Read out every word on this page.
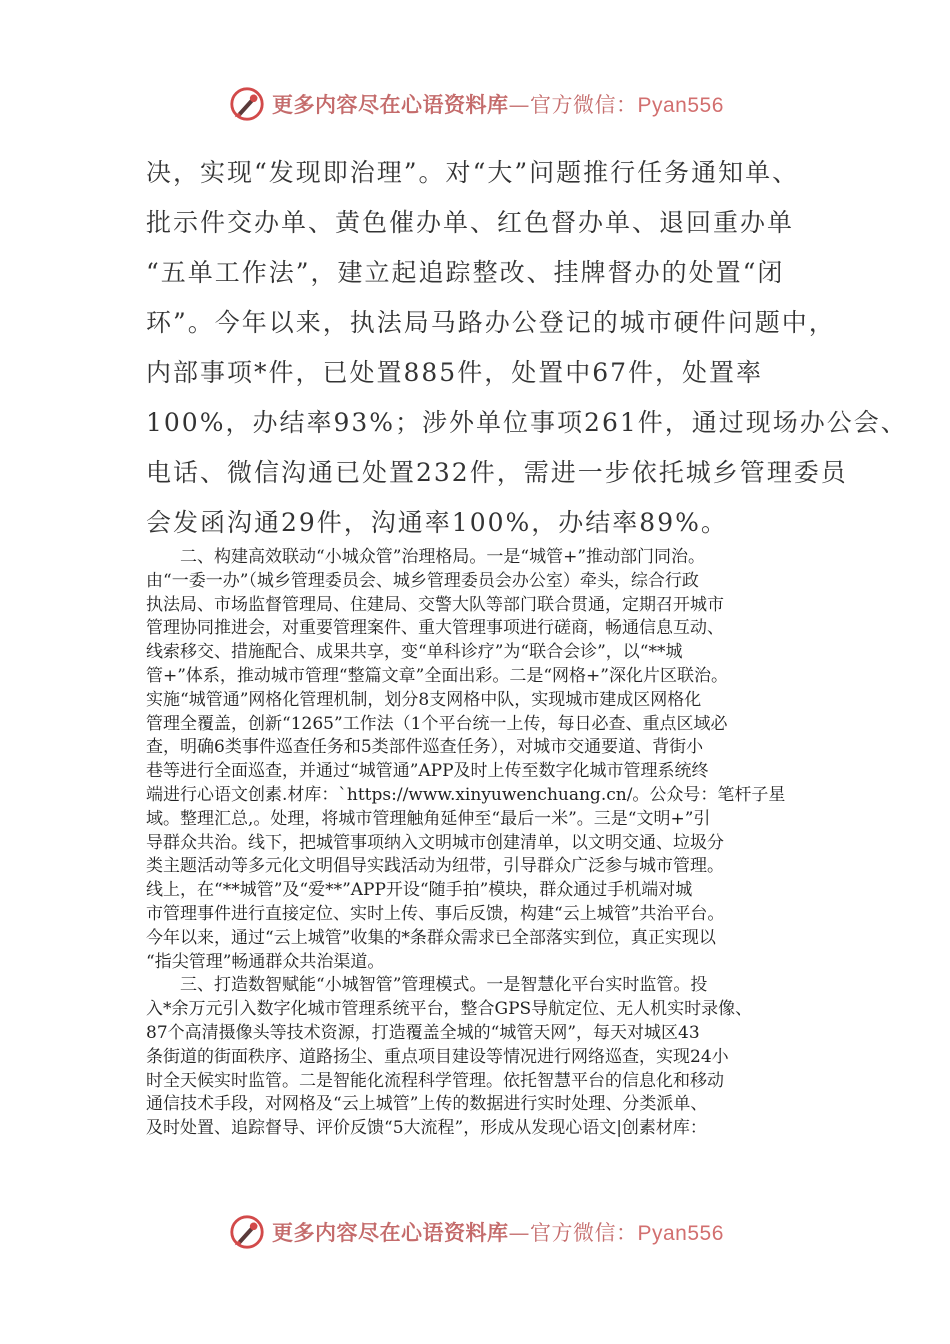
更多内容尽在心语资料库—官方微信：Pyan556
决，实现“发现即治理”。对“大”问题推行任务通知单、
批示件交办单、黄色催办单、红色督办单、退回重办单
“五单工作法”，建立起追踪整改、挂牌督办的处置“闭
环”。今年以来，执法局马路办公登记的城市硬件问题中，
内部事项*件，已处置885件，处置中67件，处置率
100%，办结率93%；涉外单位事项261件，通过现场办公会、
电话、微信沟通已处置232件，需进一步依托城乡管理委员
会发函沟通29件，沟通率100%，办结率89%。
二、构建高效联动“小城众管”治理格局。一是“城管+”推动部门同治。
由“一委一办”（城乡管理委员会、城乡管理委员会办公室）牵头，综合行政
执法局、市场监督管理局、住建局、交警大队等部门联合贯通，定期召开城市
管理协同推进会，对重要管理案件、重大管理事项进行磋商，畅通信息互动、
线索移交、措施配合、成果共享，变“单科诊疗”为“联合会诊”，以“**城
管+”体系，推动城市管理“整篇文章”全面出彩。二是“网格+”深化片区联治。
实施“城管通”网格化管理机制，划分8支网格中队，实现城市建成区网格化
管理全覆盖，创新“1265”工作法（1个平台统一上传，每日必查、重点区域必
查，明确6类事件巡查任务和5类部件巡查任务），对城市交通要道、背街小
巷等进行全面巡查，并通过“城管通”APP及时上传至数字化城市管理系统终
端进行心语文创素.材库：`https://www.xinyuwenchuang.cn/。公众号：笔杆子星
域。整理汇总,。处理，将城市管理触角延伸至“最后一米”。三是“文明+”引
导群众共治。线下，把城管事项纳入文明城市创建清单，以文明交通、垃圾分
类主题活动等多元化文明倡导实践活动为纽带，引导群众广泛参与城市管理。
线上，在“**城管”及“爱**”APP开设“随手拍”模块，群众通过手机端对城
市管理事件进行直接定位、实时上传、事后反馈，构建“云上城管”共治平台。
今年以来，通过“云上城管”收集的*条群众需求已全部落实到位，真正实现以
“指尖管理”畅通群众共治渠道。
三、打造数智赋能“小城智管”管理模式。一是智慧化平台实时监管。投
入*余万元引入数字化城市管理系统平台，整合GPS导航定位、无人机实时录像、
87个高清摄像头等技术资源，打造覆盖全城的“城管天网”，每天对城区43
条街道的街面秩序、道路扬尘、重点项目建设等情况进行网络巡查，实现24小
时全天候实时监管。二是智能化流程科学管理。依托智慧平台的信息化和移动
通信技术手段，对网格及“云上城管”上传的数据进行实时处理、分类派单、
及时处置、追踪督导、评价反馈“5大流程”，形成从发现心语文|创素材库：
更多内容尽在心语资料库—官方微信：Pyan556
